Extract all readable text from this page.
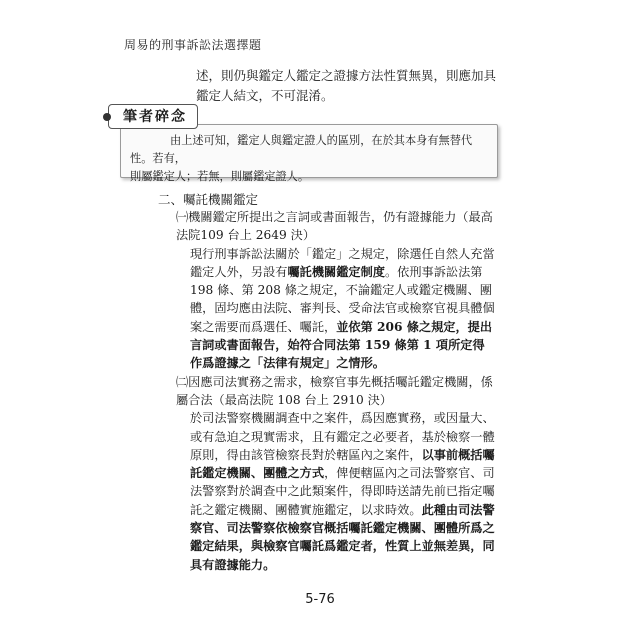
周易的刑事訴訟法選擇題
述，則仍與鑑定人鑑定之證據方法性質無異，則應加具鑑定人結文，不可混淆。
筆者碎念

由上述可知，鑑定人與鑑定證人的區別，在於其本身有無替代性。若有，

則屬鑑定人；若無，則屬鑑定證人。

二、囑託機關鑑定

㈠機關鑑定所提出之言詞或書面報告，仍有證據能力（最高法院109 台上 2649 決）

現行刑事訴訟法關於「鑑定」之規定，除選任自然人充當鑑定人外，另設有囑託機關鑑定制度。依刑事訴訟法第 198 條、第 208 條之規定，不論鑑定人或鑑定機關、團體，固均應由法院、審判長、受命法官或檢察官視具體個案之需要而爲選任、囑託，並依第 206 條之規定，提出言詞或書面報告，始符合同法第 159 條第 1 項所定得作爲證據之「法律有規定」之情形。

㈡因應司法實務之需求，檢察官事先概括囑託鑑定機關，係屬合法（最高法院 108 台上 2910 決）

於司法警察機關調查中之案件，爲因應實務，或因量大、或有急迫之現實需求，且有鑑定之必要者，基於檢察一體原則，得由該管檢察長對於轄區內之案件，以事前概括囑託鑑定機關、團體之方式，俾便轄區內之司法警察官、司法警察對於調查中之此類案件，得即時送請先前已指定囑託之鑑定機關、團體實施鑑定，以求時效。此種由司法警察官、司法警察依檢察官概括囑託鑑定機關、團體所爲之鑑定結果，與檢察官囑託爲鑑定者，性質上並無差異，同具有證據能力。

5-76
